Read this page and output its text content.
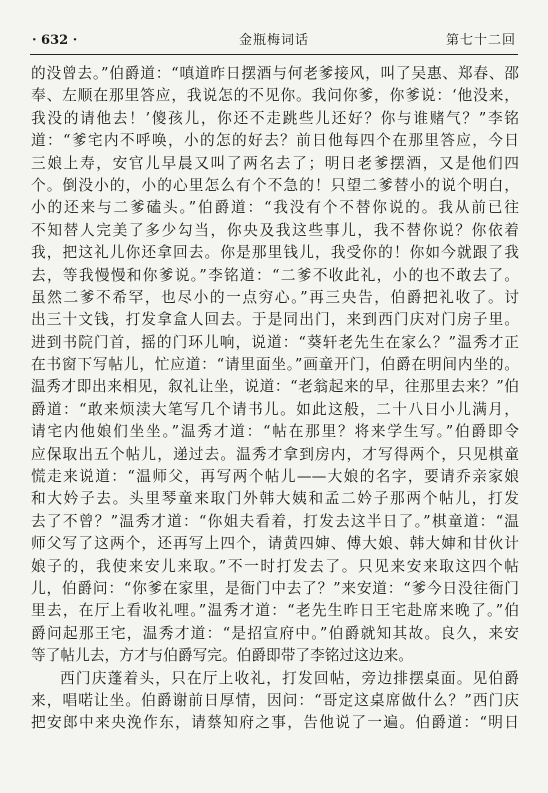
· 632 ·	金瓶梅词话	第七十二回
的没曾去。”伯爵道：“嗔道昨日摆酒与何老爹接风，叫了吴惠、郑春、邵
奉、左顺在那里答应，我说怎的不见你。我问你爹，你爹说：‘他没来，
我没的请他去！’傻孩儿，你还不走跳些儿还好？你与谁赌气？”李铭
道：“爹宅内不呼唤，小的怎的好去？前日他每四个在那里答应，今日
三娘上寿，安官儿早晨又叫了两名去了；明日老爹摆酒，又是他们四
个。倒没小的，小的心里怎么有个不急的！只望二爹替小的说个明白，
小的还来与二爹磕头。”伯爵道：“我没有个不替你说的。我从前已往
不知替人完美了多少勾当，你央及我这些事儿，我不替你说？你依着
我，把这礼儿你还拿回去。你是那里钱儿，我受你的！你如今就跟了我
去，等我慢慢和你爹说。”李铭道：“二爹不收此礼，小的也不敢去了。
虽然二爹不希罕，也尽小的一点穷心。”再三央告，伯爵把礼收了。讨
出三十文钱，打发拿盒人回去。于是同出门，来到西门庆对门房子里。
进到书院门首，摇的门环儿响，说道：“葵轩老先生在家么？”温秀才正
在书窗下写帖儿，忙应道：“请里面坐。”画童开门，伯爵在明间内坐的。
温秀才即出来相见，叙礼让坐，说道：“老翁起来的早，往那里去来？”伯
爵道：“敢来烦渎大笔写几个请书儿。如此这般，二十八日小儿满月，
请宅内他娘们坐坐。”温秀才道：“帖在那里？将来学生写。”伯爵即令
应保取出五个帖儿，递过去。温秀才拿到房内，才写得两个，只见棋童
慌走来说道：“温师父，再写两个帖儿——大娘的名字，要请乔亲家娘
和大妗子去。头里琴童来取门外韩大姨和孟二妗子那两个帖儿，打发
去了不曾？”温秀才道：“你姐夫看着，打发去这半日了。”棋童道：“温
师父写了这两个，还再写上四个，请黄四婶、傅大娘、韩大婶和甘伙计
娘子的，我使来安儿来取。”不一时打发去了。只见来安来取这四个帖
儿，伯爵问：“你爹在家里，是衙门中去了？”来安道：“爹今日没往衙门
里去，在厅上看收礼哩。”温秀才道：“老先生昨日王宅赴席来晚了。”伯
爵问起那王宅，温秀才道：“是招宣府中。”伯爵就知其故。良久，来安
等了帖儿去，方才与伯爵写完。伯爵即带了李铭过这边来。
西门庆蓬着头，只在厅上收礼，打发回帖，旁边排摆桌面。见伯爵
来，唱喏让坐。伯爵谢前日厚情，因问：“哥定这桌席做什么？”西门庆
把安郎中来央浼作东，请蔡知府之事，告他说了一遍。伯爵道：“明日
